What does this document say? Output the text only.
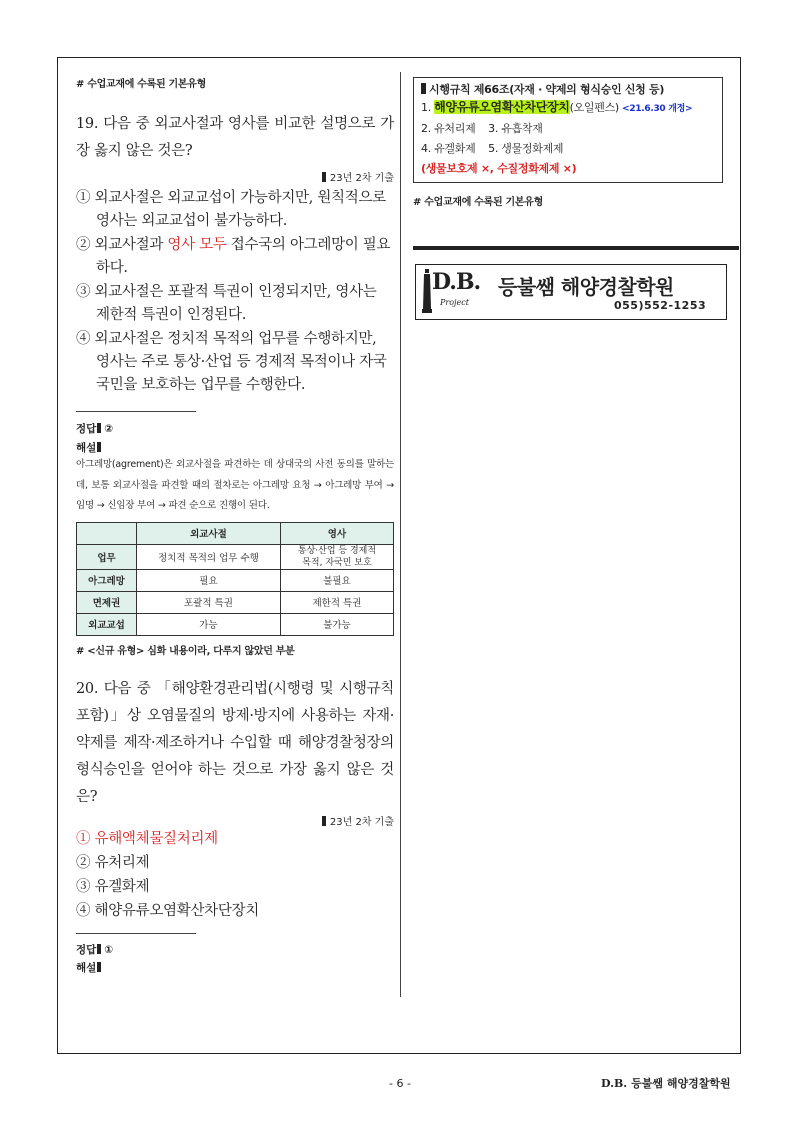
# 수업교재에 수록된 기본유형
19. 다음 중 외교사절과 영사를 비교한 설명으로 가장 옳지 않은 것은?
23년 2차 기출
① 외교사절은 외교교섭이 가능하지만, 원칙적으로 영사는 외교교섭이 불가능하다.
② 외교사절과 영사 모두 접수국의 아그레망이 필요하다.
③ 외교사절은 포괄적 특권이 인정되지만, 영사는 제한적 특권이 인정된다.
④ 외교사절은 정치적 목적의 업무를 수행하지만, 영사는 주로 통상·산업 등 경제적 목적이나 자국 국민을 보호하는 업무를 수행한다.
정답 ②
해설
아그레망(agrement)은 외교사절을 파견하는 데 상대국의 사전 동의를 말하는데, 보통 외교사절을 파견할 때의 절차로는 아그레망 요청 → 아그레망 부여 → 임명 → 신임장 부여 → 파견 순으로 진행이 된다.
	외교사절	영사
업무	정치적 목적의 업무 수행	통상·산업 등 경제적
목적, 자국민 보호
아그레망	필요	불필요
면제권	포괄적 특권	제한적 특권
외교교섭	가능	불가능
# <신규 유형> 심화 내용이라, 다루지 않았던 부분
20. 다음 중 「해양환경관리법(시행령 및 시행규칙 포함)」상 오염물질의 방제·방지에 사용하는 자재·약제를 제작·제조하거나 수입할 때 해양경찰청장의 형식승인을 얻어야 하는 것으로 가장 옳지 않은 것은?
23년 2차 기출
① 유해액체물질처리제
② 유처리제
③ 유겔화제
④ 해양유류오염확산차단장치
정답 ①
해설
시행규칙 제66조(자재 · 약제의 형식승인 신청 등)
1. 해양유류오염확산차단장치(오일펜스) <21.6.30 개정>
2. 유처리제    3. 유흡착재
4. 유겔화제    5. 생물정화제제
(생물보호제 ×, 수질정화제제 ×)
# 수업교재에 수록된 기본유형
D.B.
Project
등불쌤 해양경찰학원
055)552-1253
- 6 -	D.B. 등불쌤 해양경찰학원
